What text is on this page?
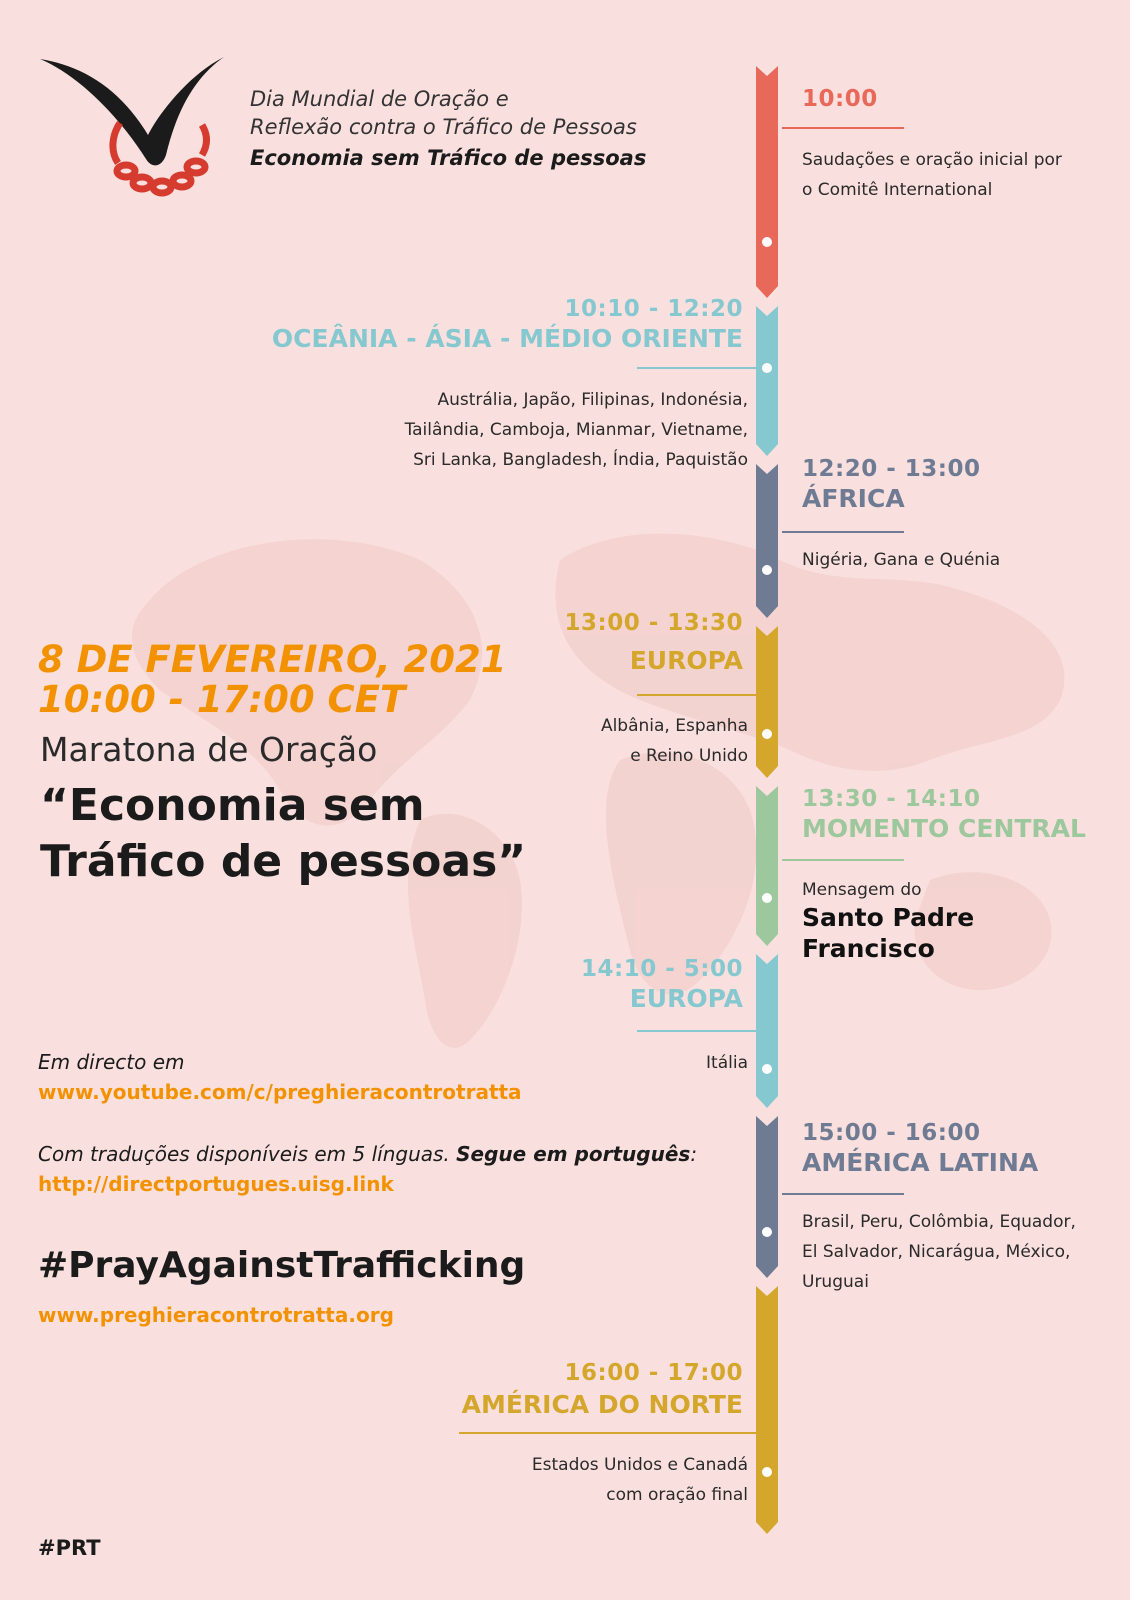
Dia Mundial de Oração e
Reflexão contra o Tráfico de Pessoas
Economia sem Tráfico de pessoas
10:00
Saudações e oração inicial por
o Comitê International
10:10 - 12:20
OCEÂNIA - ÁSIA - MÉDIO ORIENTE
Austrália, Japão, Filipinas, Indonésia,
Tailândia, Camboja, Mianmar, Vietname,
Sri Lanka, Bangladesh, Índia, Paquistão 12:20 - 13:00
ÁFRICA
Nigéria, Gana e Quénia
13:00 - 13:30
EUROPA
Albânia, Espanha
e Reino Unido
13:30 - 14:10
MOMENTO CENTRAL
Mensagem do
Santo Padre
Francisco
14:10 - 5:00
EUROPA
Itália
15:00 - 16:00
AMÉRICA LATINA
Brasil, Peru, Colômbia, Equador,
El Salvador, Nicarágua, México,
Uruguai
16:00 - 17:00
AMÉRICA DO NORTE
Estados Unidos e Canadá
com oração final
8 DE FEVEREIRO, 2021
10:00 - 17:00 CET
Maratona de Oração
“Economia sem
Tráfico de pessoas”
Em directo em
www.youtube.com/c/preghieracontrotratta
Com traduções disponíveis em 5 línguas. Segue em português:
http://directportugues.uisg.link
#PrayAgainstTrafficking
www.preghieracontrotratta.org
#PRT
